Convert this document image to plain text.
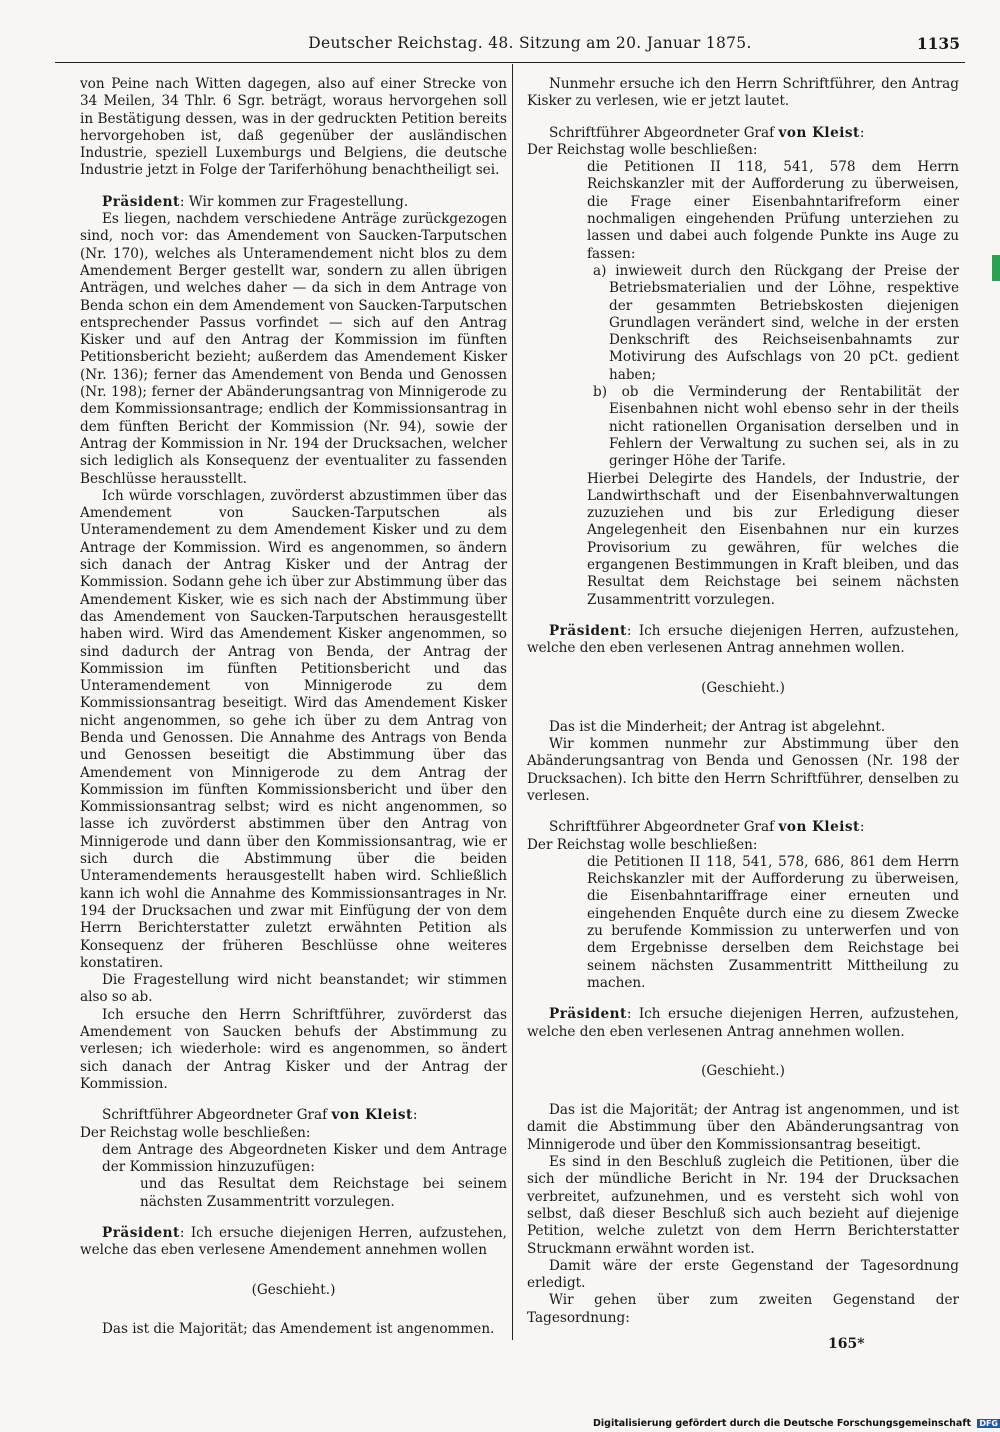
Deutscher Reichstag. 48. Sitzung am 20. Januar 1875.	1135

von Peine nach Witten dagegen, also auf einer Strecke von 34 Meilen, 34 Thlr. 6 Sgr. beträgt, woraus hervorgehen soll in Bestätigung dessen, was in der gedruckten Petition bereits hervorgehoben ist, daß gegenüber der ausländischen Industrie, speziell Luxemburgs und Belgiens, die deutsche Industrie jetzt in Folge der Tariferhöhung benachtheiligt sei.

Präsident: Wir kommen zur Fragestellung.

Es liegen, nachdem verschiedene Anträge zurückgezogen sind, noch vor: das Amendement von Saucken-Tarputschen (Nr. 170), welches als Unteramendement nicht blos zu dem Amendement Berger gestellt war, sondern zu allen übrigen Anträgen, und welches daher — da sich in dem Antrage von Benda schon ein dem Amendement von Saucken-Tarputschen entsprechender Passus vorfindet — sich auf den Antrag Kisker und auf den Antrag der Kommission im fünften Petitionsbericht bezieht; außerdem das Amendement Kisker (Nr. 136); ferner das Amendement von Benda und Genossen (Nr. 198); ferner der Abänderungsantrag von Minnigerode zu dem Kommissionsantrage; endlich der Kommissionsantrag in dem fünften Bericht der Kommission (Nr. 94), sowie der Antrag der Kommission in Nr. 194 der Drucksachen, welcher sich lediglich als Konsequenz der eventualiter zu fassenden Beschlüsse herausstellt.

Ich würde vorschlagen, zuvörderst abzustimmen über das Amendement von Saucken-Tarputschen als Unteramendement zu dem Amendement Kisker und zu dem Antrage der Kommission. Wird es angenommen, so ändern sich danach der Antrag Kisker und der Antrag der Kommission. Sodann gehe ich über zur Abstimmung über das Amendement Kisker, wie es sich nach der Abstimmung über das Amendement von Saucken-Tarputschen herausgestellt haben wird. Wird das Amendement Kisker angenommen, so sind dadurch der Antrag von Benda, der Antrag der Kommission im fünften Petitionsbericht und das Unteramendement von Minnigerode zu dem Kommissionsantrag beseitigt. Wird das Amendement Kisker nicht angenommen, so gehe ich über zu dem Antrag von Benda und Genossen. Die Annahme des Antrags von Benda und Genossen beseitigt die Abstimmung über das Amendement von Minnigerode zu dem Antrag der Kommission im fünften Kommissionsbericht und über den Kommissionsantrag selbst; wird es nicht angenommen, so lasse ich zuvörderst abstimmen über den Antrag von Minnigerode und dann über den Kommissionsantrag, wie er sich durch die Abstimmung über die beiden Unteramendements herausgestellt haben wird. Schließlich kann ich wohl die Annahme des Kommissionsantrages in Nr. 194 der Drucksachen und zwar mit Einfügung der von dem Herrn Berichterstatter zuletzt erwähnten Petition als Konsequenz der früheren Beschlüsse ohne weiteres konstatiren.

Die Fragestellung wird nicht beanstandet; wir stimmen also so ab.

Ich ersuche den Herrn Schriftführer, zuvörderst das Amendement von Saucken behufs der Abstimmung zu verlesen; ich wiederhole: wird es angenommen, so ändert sich danach der Antrag Kisker und der Antrag der Kommission.

Schriftführer Abgeordneter Graf von Kleist:

Der Reichstag wolle beschließen:

dem Antrage des Abgeordneten Kisker und dem Antrage der Kommission hinzuzufügen:

und das Resultat dem Reichstage bei seinem nächsten Zusammentritt vorzulegen.

Präsident: Ich ersuche diejenigen Herren, aufzustehen, welche das eben verlesene Amendement annehmen wollen

(Geschieht.)

Das ist die Majorität; das Amendement ist angenommen.

Nunmehr ersuche ich den Herrn Schriftführer, den Antrag Kisker zu verlesen, wie er jetzt lautet.

Schriftführer Abgeordneter Graf von Kleist:

Der Reichstag wolle beschließen:

die Petitionen II 118, 541, 578 dem Herrn Reichskanzler mit der Aufforderung zu überweisen, die Frage einer Eisenbahntarifreform einer nochmaligen eingehenden Prüfung unterziehen zu lassen und dabei auch folgende Punkte ins Auge zu fassen:

a) inwieweit durch den Rückgang der Preise der Betriebsmaterialien und der Löhne, respektive der gesammten Betriebskosten diejenigen Grundlagen verändert sind, welche in der ersten Denkschrift des Reichseisenbahnamts zur Motivirung des Aufschlags von 20 pCt. gedient haben;

b) ob die Verminderung der Rentabilität der Eisenbahnen nicht wohl ebenso sehr in der theils nicht rationellen Organisation derselben und in Fehlern der Verwaltung zu suchen sei, als in zu geringer Höhe der Tarife.

Hierbei Delegirte des Handels, der Industrie, der Landwirthschaft und der Eisenbahnverwaltungen zuzuziehen und bis zur Erledigung dieser Angelegenheit den Eisenbahnen nur ein kurzes Provisorium zu gewähren, für welches die ergangenen Bestimmungen in Kraft bleiben, und das Resultat dem Reichstage bei seinem nächsten Zusammentritt vorzulegen.

Präsident: Ich ersuche diejenigen Herren, aufzustehen, welche den eben verlesenen Antrag annehmen wollen.

(Geschieht.)

Das ist die Minderheit; der Antrag ist abgelehnt.

Wir kommen nunmehr zur Abstimmung über den Abänderungsantrag von Benda und Genossen (Nr. 198 der Drucksachen). Ich bitte den Herrn Schriftführer, denselben zu verlesen.

Schriftführer Abgeordneter Graf von Kleist:

Der Reichstag wolle beschließen:

die Petitionen II 118, 541, 578, 686, 861 dem Herrn Reichskanzler mit der Aufforderung zu überweisen, die Eisenbahntariffrage einer erneuten und eingehenden Enquête durch eine zu diesem Zwecke zu berufende Kommission zu unterwerfen und von dem Ergebnisse derselben dem Reichstage bei seinem nächsten Zusammentritt Mittheilung zu machen.

Präsident: Ich ersuche diejenigen Herren, aufzustehen, welche den eben verlesenen Antrag annehmen wollen.

(Geschieht.)

Das ist die Majorität; der Antrag ist angenommen, und ist damit die Abstimmung über den Abänderungsantrag von Minnigerode und über den Kommissionsantrag beseitigt.

Es sind in den Beschluß zugleich die Petitionen, über die sich der mündliche Bericht in Nr. 194 der Drucksachen verbreitet, aufzunehmen, und es versteht sich wohl von selbst, daß dieser Beschluß sich auch bezieht auf diejenige Petition, welche zuletzt von dem Herrn Berichterstatter Struckmann erwähnt worden ist.

Damit wäre der erste Gegenstand der Tagesordnung erledigt.

Wir gehen über zum zweiten Gegenstand der Tagesordnung:

165*
Digitalisierung gefördert durch die Deutsche Forschungsgemeinschaft DFG
